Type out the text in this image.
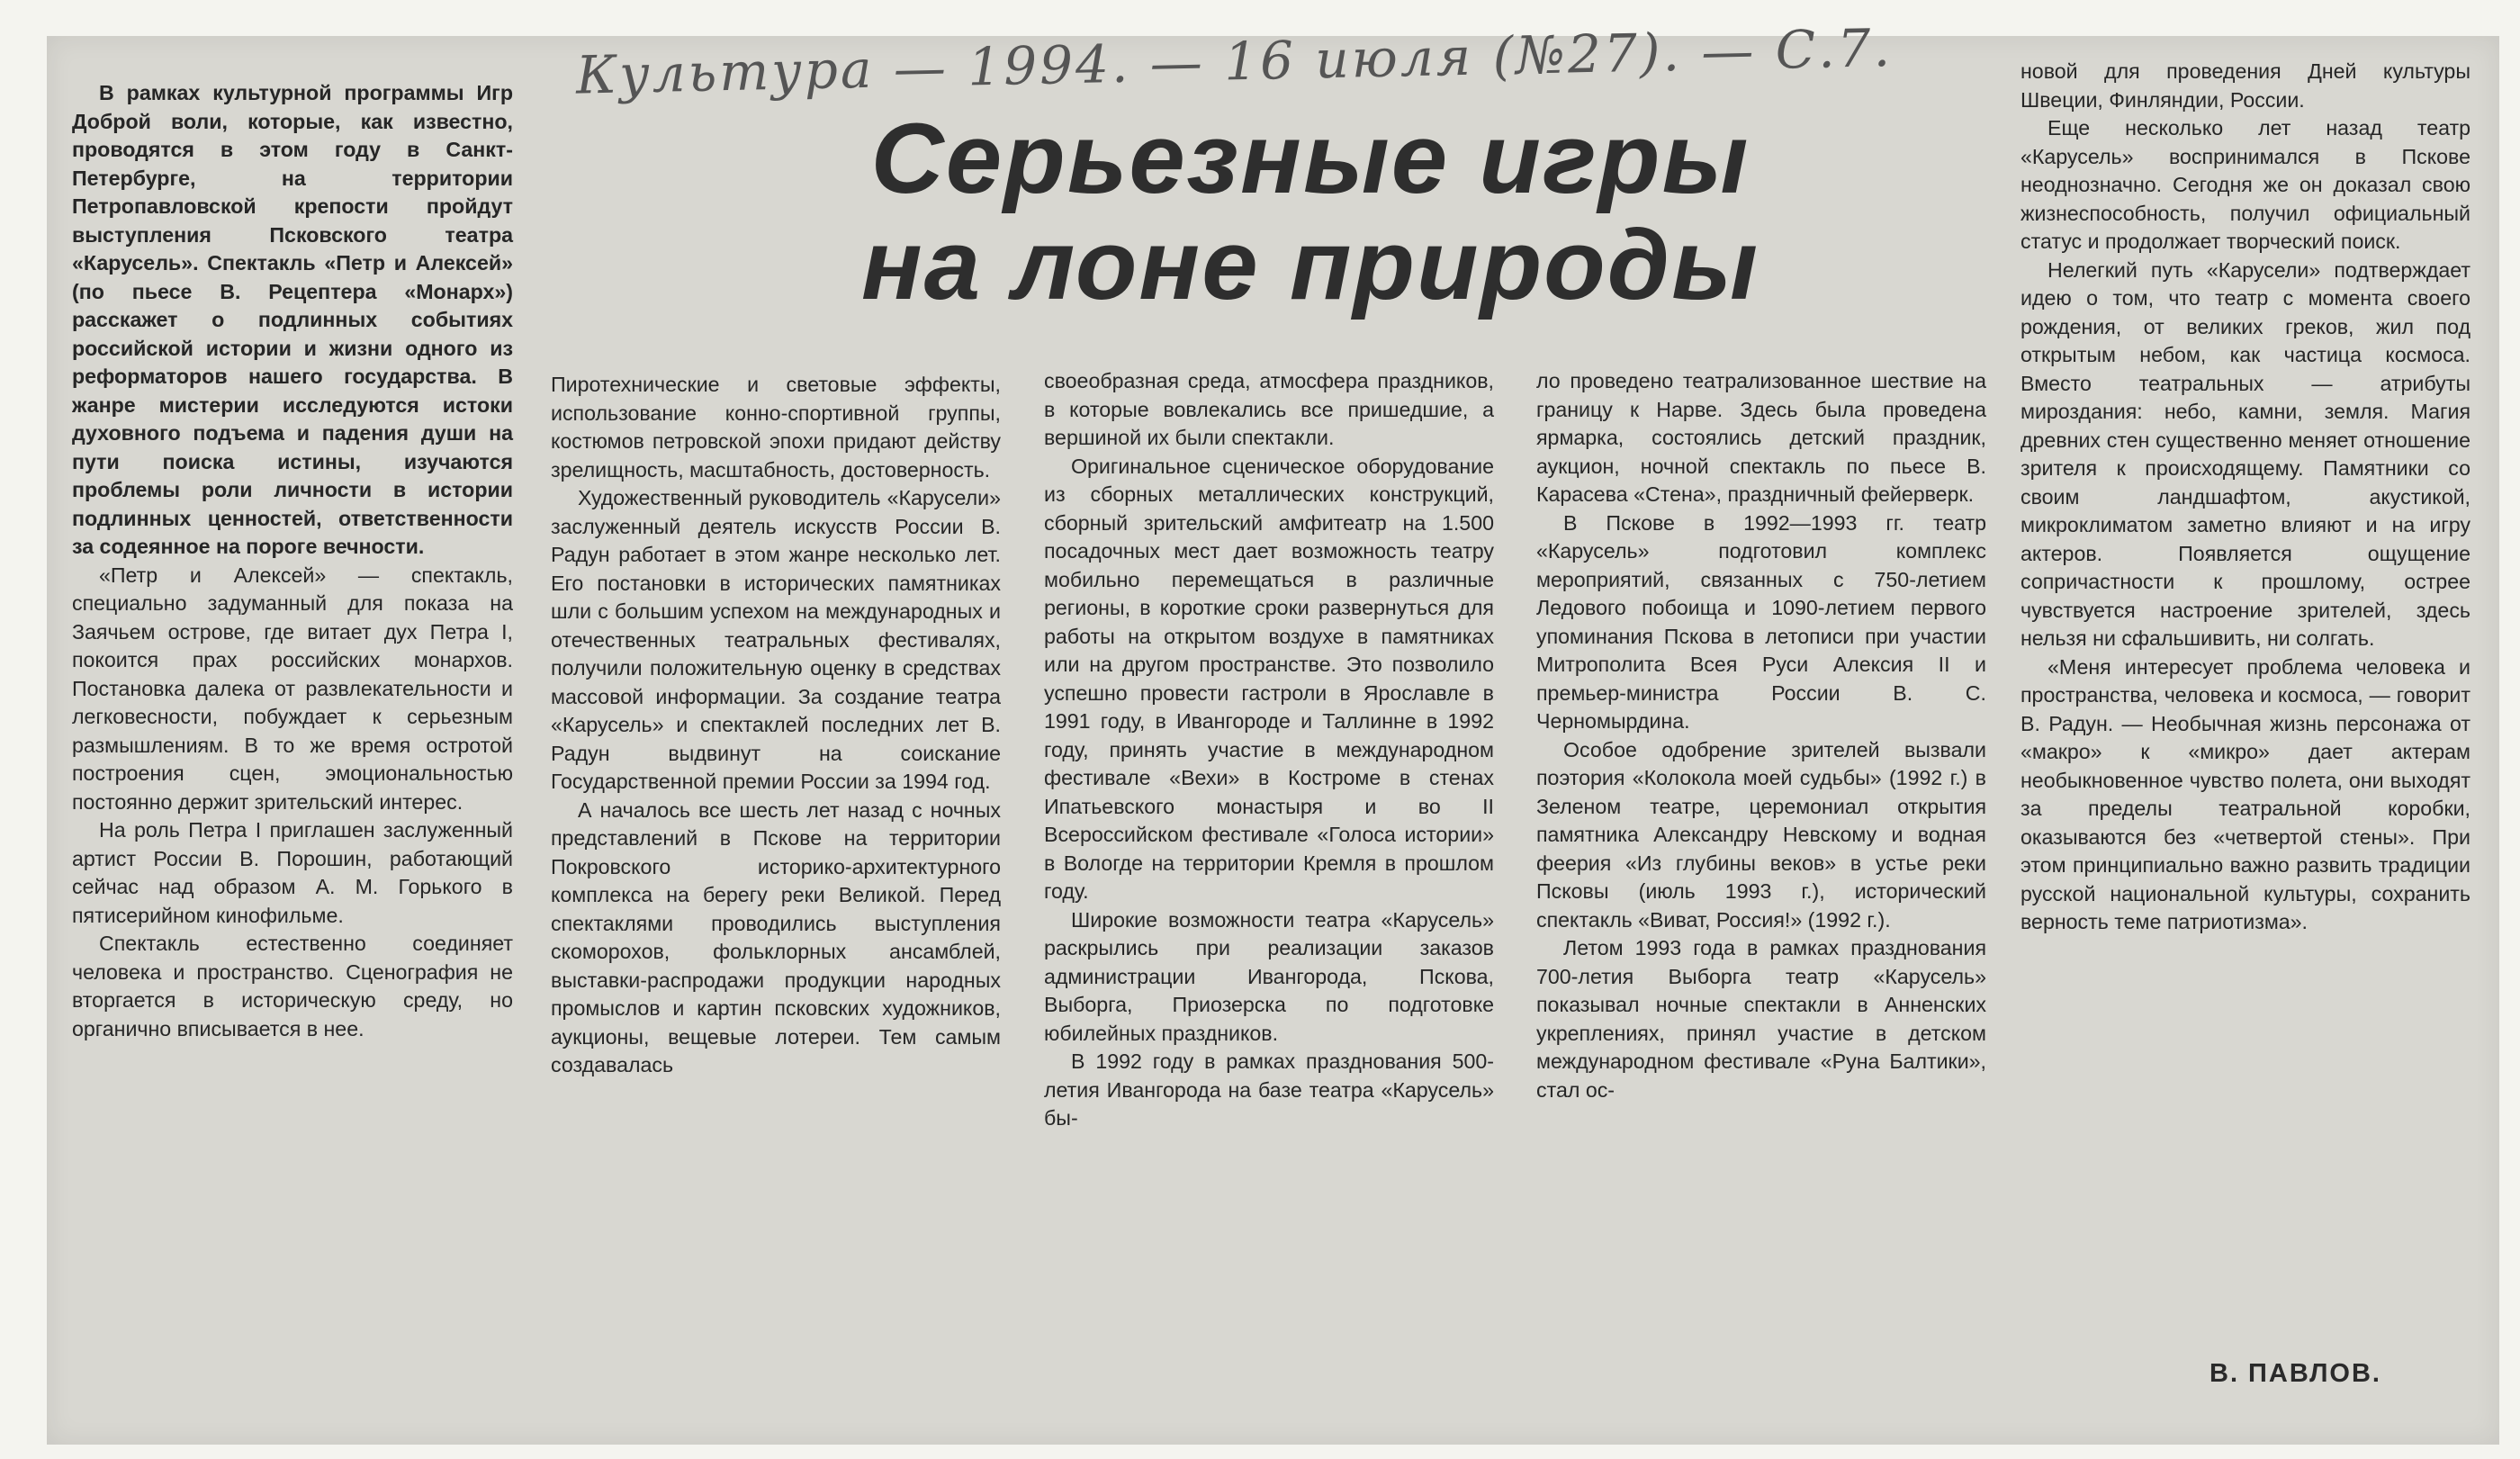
Культура — 1994. — 16 июля (№27). — С.7.
Серьезные игры
на лоне природы

В рамках культурной программы Игр Доброй воли, которые, как известно, проводятся в этом году в Санкт-Петербурге, на территории Петропавловской крепости пройдут выступления Псковского театра «Карусель». Спектакль «Петр и Алексей» (по пьесе В. Рецептера «Монарх») расскажет о подлинных событиях российской истории и жизни одного из реформаторов нашего государства. В жанре мистерии исследуются истоки духовного подъема и падения души на пути поиска истины, изучаются проблемы роли личности в истории подлинных ценностей, ответственности за содеянное на пороге вечности.

«Петр и Алексей» — спектакль, специально задуманный для показа на Заячьем острове, где витает дух Петра I, покоится прах российских монархов. Постановка далека от развлекательности и легковесности, побуждает к серьезным размышлениям. В то же время остротой построения сцен, эмоциональностью постоянно держит зрительский интерес.

На роль Петра I приглашен заслуженный артист России В. Порошин, работающий сейчас над образом А. М. Горького в пятисерийном кинофильме.

Спектакль естественно соединяет человека и пространство. Сценография не вторгается в историческую среду, но органично вписывается в нее.

Пиротехнические и световые эффекты, использование конно-спортивной группы, костюмов петровской эпохи придают действу зрелищность, масштабность, достоверность.

Художественный руководитель «Карусели» заслуженный деятель искусств России В. Радун работает в этом жанре несколько лет. Его постановки в исторических памятниках шли с большим успехом на международных и отечественных театральных фестивалях, получили положительную оценку в средствах массовой информации. За создание театра «Карусель» и спектаклей последних лет В. Радун выдвинут на соискание Государственной премии России за 1994 год.

А началось все шесть лет назад с ночных представлений в Пскове на территории Покровского историко-архитектурного комплекса на берегу реки Великой. Перед спектаклями проводились выступления скоморохов, фольклорных ансамблей, выставки-распродажи продукции народных промыслов и картин псковских художников, аукционы, вещевые лотереи. Тем самым создавалась

своеобразная среда, атмосфера праздников, в которые вовлекались все пришедшие, а вершиной их были спектакли.

Оригинальное сценическое оборудование из сборных металлических конструкций, сборный зрительский амфитеатр на 1.500 посадочных мест дает возможность театру мобильно перемещаться в различные регионы, в короткие сроки развернуться для работы на открытом воздухе в памятниках или на другом пространстве. Это позволило успешно провести гастроли в Ярославле в 1991 году, в Ивангороде и Таллинне в 1992 году, принять участие в международном фестивале «Вехи» в Костроме в стенах Ипатьевского монастыря и во II Всероссийском фестивале «Голоса истории» в Вологде на территории Кремля в прошлом году.

Широкие возможности театра «Карусель» раскрылись при реализации заказов администрации Ивангорода, Пскова, Выборга, Приозерска по подготовке юбилейных праздников.

В 1992 году в рамках празднования 500-летия Ивангорода на базе театра «Карусель» бы-

ло проведено театрализованное шествие на границу к Нарве. Здесь была проведена ярмарка, состоялись детский праздник, аукцион, ночной спектакль по пьесе В. Карасева «Стена», праздничный фейерверк.

В Пскове в 1992—1993 гг. театр «Карусель» подготовил комплекс мероприятий, связанных с 750-летием Ледового побоища и 1090-летием первого упоминания Пскова в летописи при участии Митрополита Всея Руси Алексия II и премьер-министра России В. С. Черномырдина.

Особое одобрение зрителей вызвали поэтория «Колокола моей судьбы» (1992 г.) в Зеленом театре, церемониал открытия памятника Александру Невскому и водная феерия «Из глубины веков» в устье реки Псковы (июль 1993 г.), исторический спектакль «Виват, Россия!» (1992 г.).

Летом 1993 года в рамках празднования 700-летия Выборга театр «Карусель» показывал ночные спектакли в Анненских укреплениях, принял участие в детском международном фестивале «Руна Балтики», стал ос-

новой для проведения Дней культуры Швеции, Финляндии, России.

Еще несколько лет назад театр «Карусель» воспринимался в Пскове неоднозначно. Сегодня же он доказал свою жизнеспособность, получил официальный статус и продолжает творческий поиск.

Нелегкий путь «Карусели» подтверждает идею о том, что театр с момента своего рождения, от великих греков, жил под открытым небом, как частица космоса. Вместо театральных — атрибуты мироздания: небо, камни, земля. Магия древних стен существенно меняет отношение зрителя к происходящему. Памятники со своим ландшафтом, акустикой, микроклиматом заметно влияют и на игру актеров. Появляется ощущение сопричастности к прошлому, острее чувствуется настроение зрителей, здесь нельзя ни сфальшивить, ни солгать.

«Меня интересует проблема человека и пространства, человека и космоса, — говорит В. Радун. — Необычная жизнь персонажа от «макро» к «микро» дает актерам необыкновенное чувство полета, они выходят за пределы театральной коробки, оказываются без «четвертой стены». При этом принципиально важно развить традиции русской национальной культуры, сохранить верность теме патриотизма».

В. ПАВЛОВ.
